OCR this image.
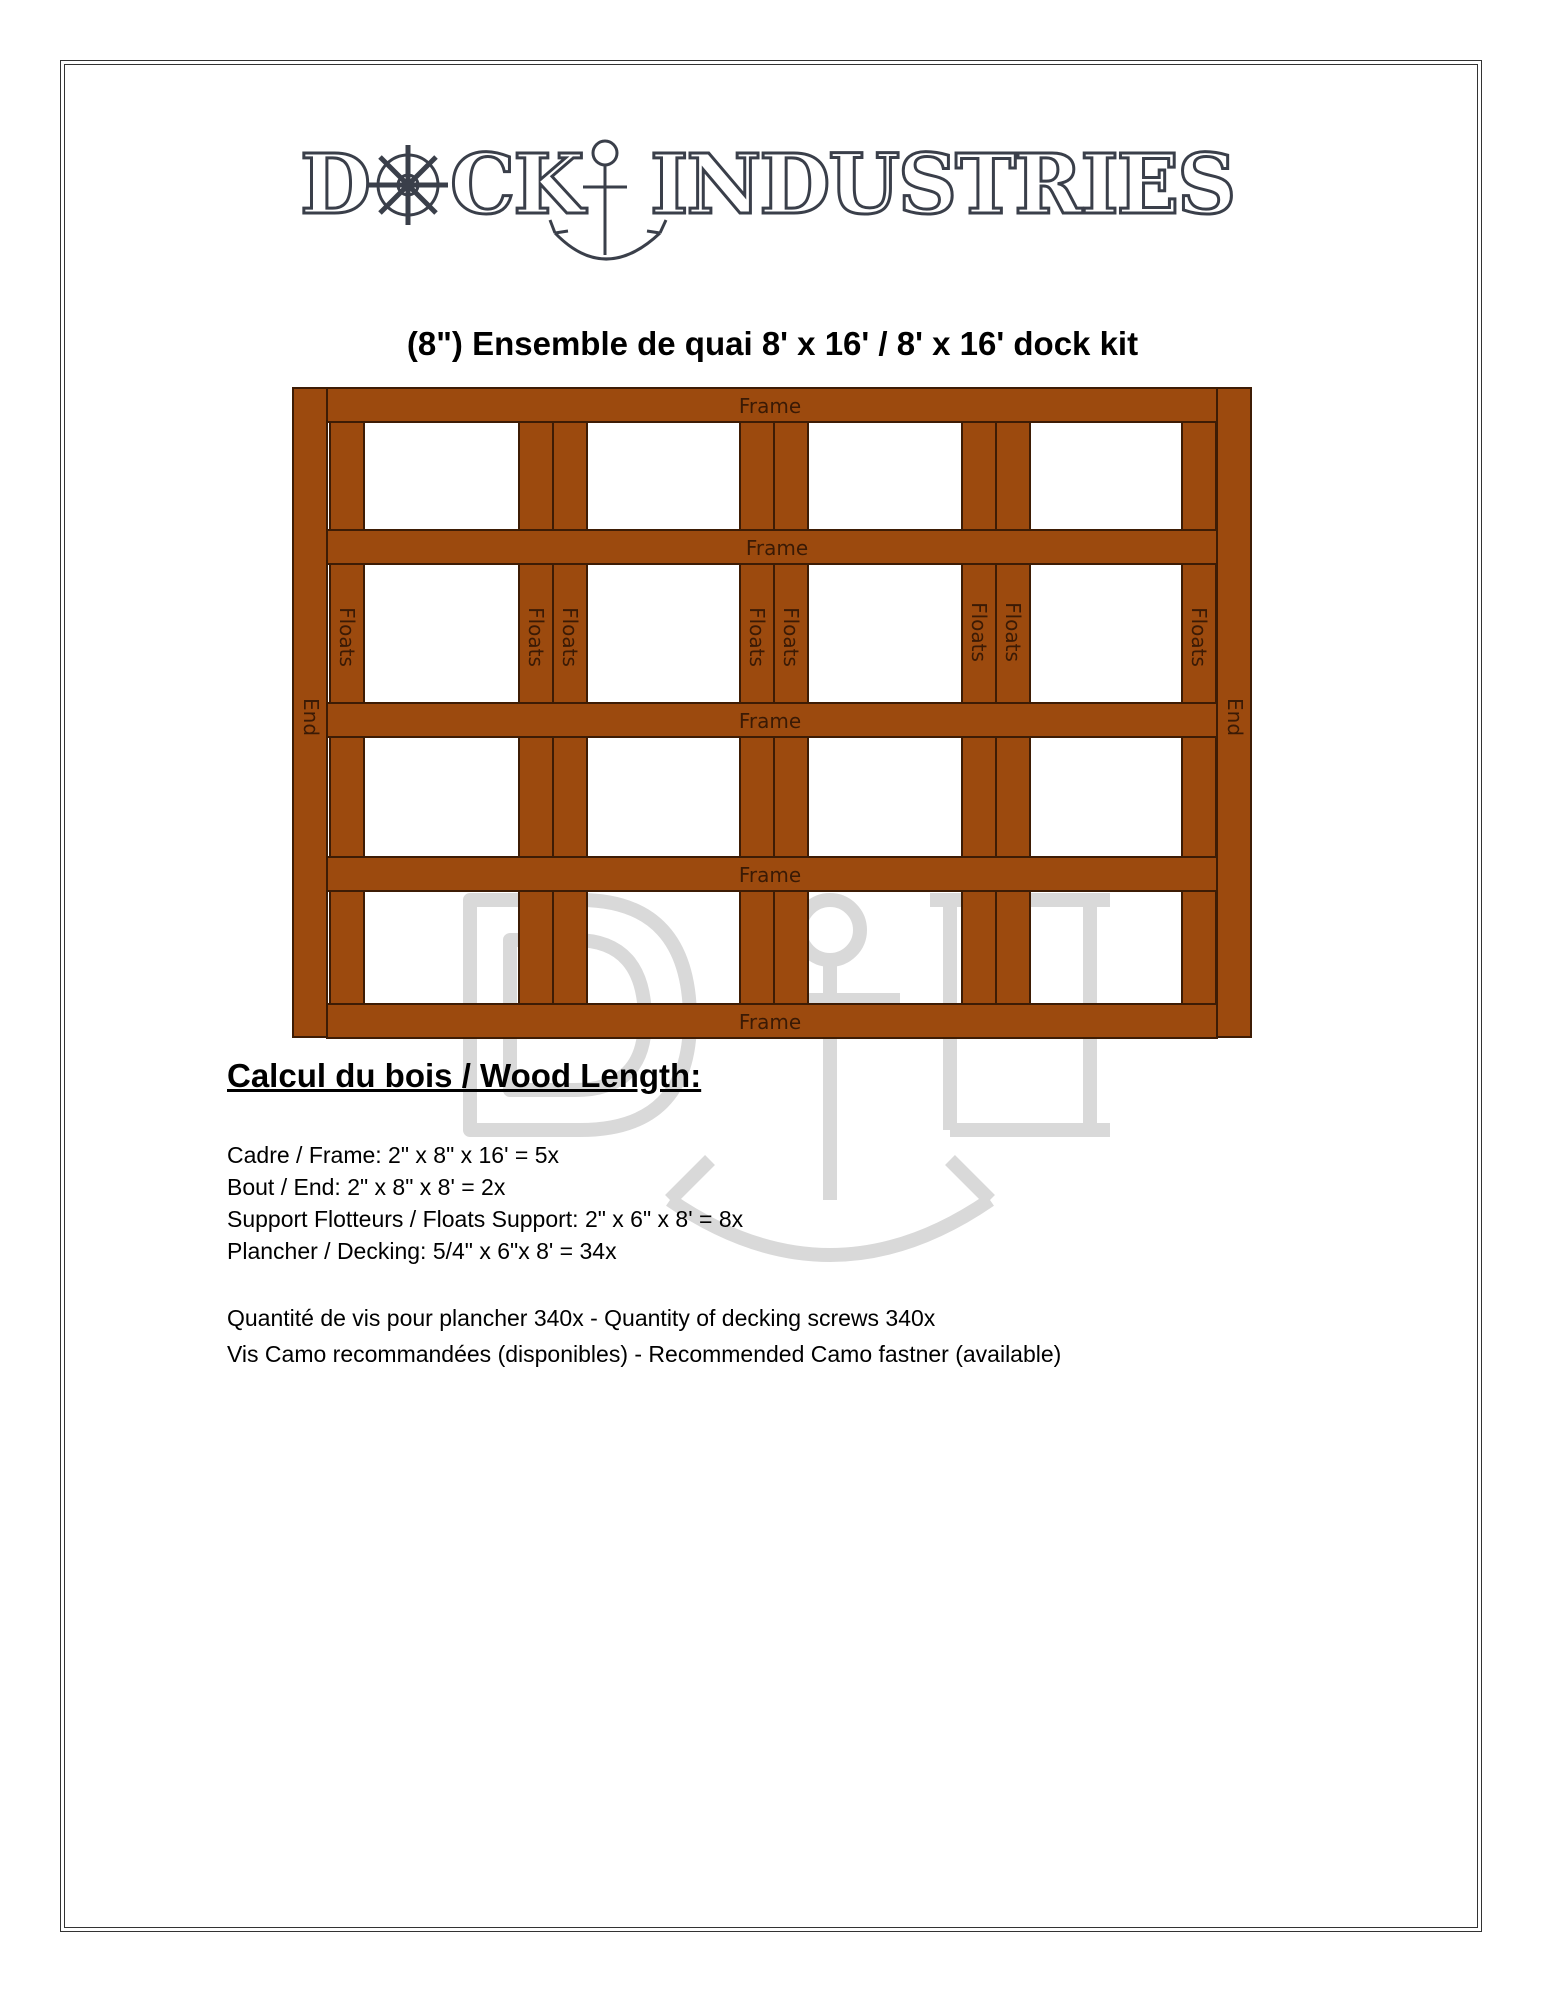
D CK INDUSTRIES
(8") Ensemble de quai 8' x 16' / 8' x 16' dock kit
Frame
Frame
Frame
Frame
Frame
Floats	Floats Floats	Floats Floats	Floats Floats	Floats
End	End
Calcul du bois / Wood Length:
Cadre / Frame: 2" x 8" x 16' = 5x
Bout / End: 2" x 8" x 8' = 2x
Support Flotteurs / Floats Support: 2" x 6" x 8' = 8x
Plancher / Decking: 5/4" x 6"x 8' = 34x
Quantité de vis pour plancher 340x - Quantity of decking screws 340x
Vis Camo recommandées (disponibles) - Recommended Camo fastner (available)
